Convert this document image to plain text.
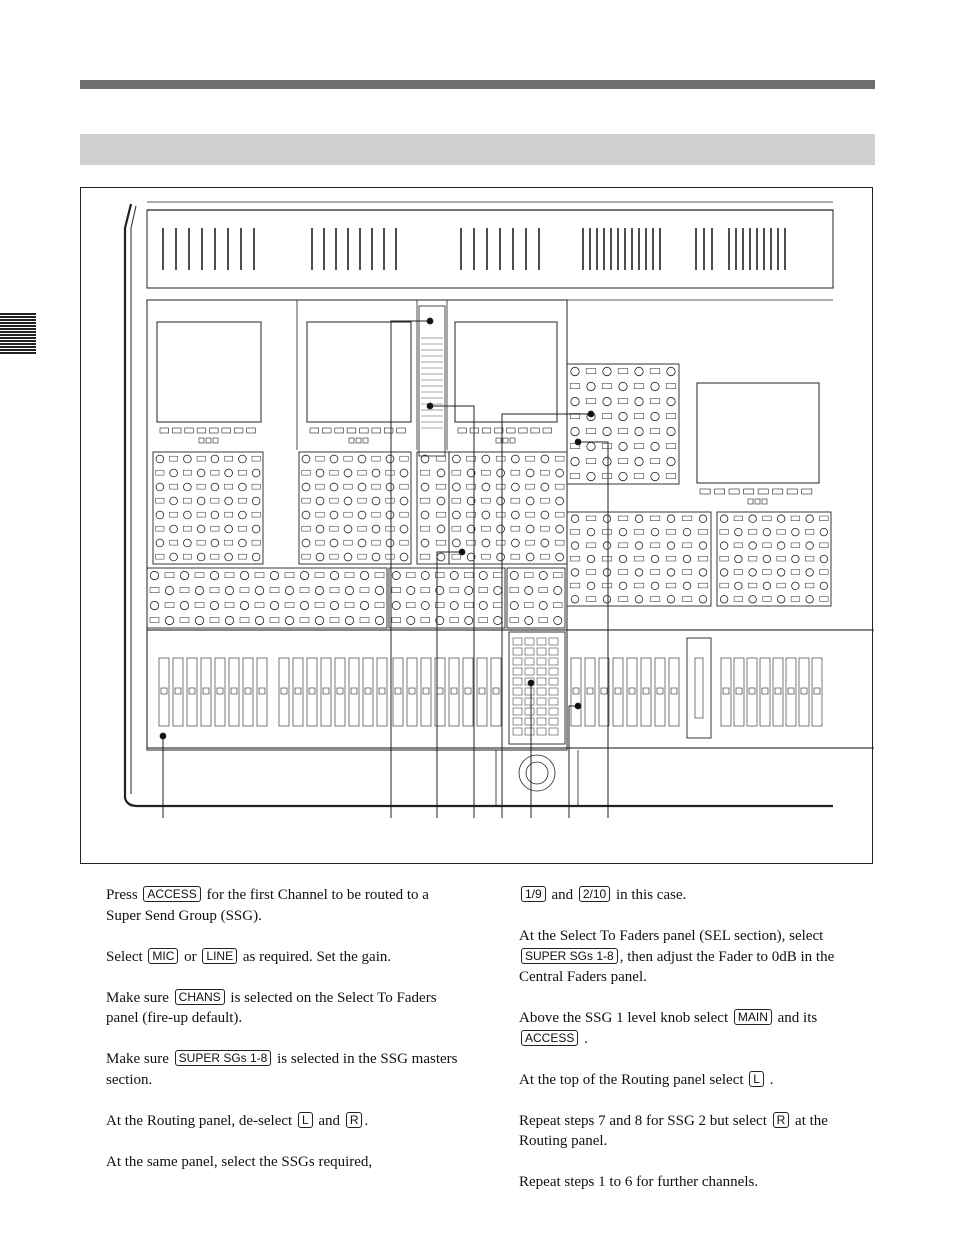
Press ACCESS for the first Channel to be routed to a Super Send Group (SSG).

Select MIC or LINE as required. Set the gain.

Make sure CHANS is selected on the Select To Faders panel (fire-up default).

Make sure SUPER SGs 1-8 is selected in the SSG masters section.

At the Routing panel, de-select L and R .

At the same panel, select the SSGs required,

1/9 and 2/10 in this case.

At the Select To Faders panel (SEL section), select SUPER SGs 1-8 , then adjust the Fader to 0dB in the Central Faders panel.

Above the SSG 1 level knob select MAIN and its ACCESS .

At the top of the Routing panel select L .

Repeat steps 7 and 8 for SSG 2 but select R at the Routing panel.

Repeat steps 1 to 6 for further channels.
